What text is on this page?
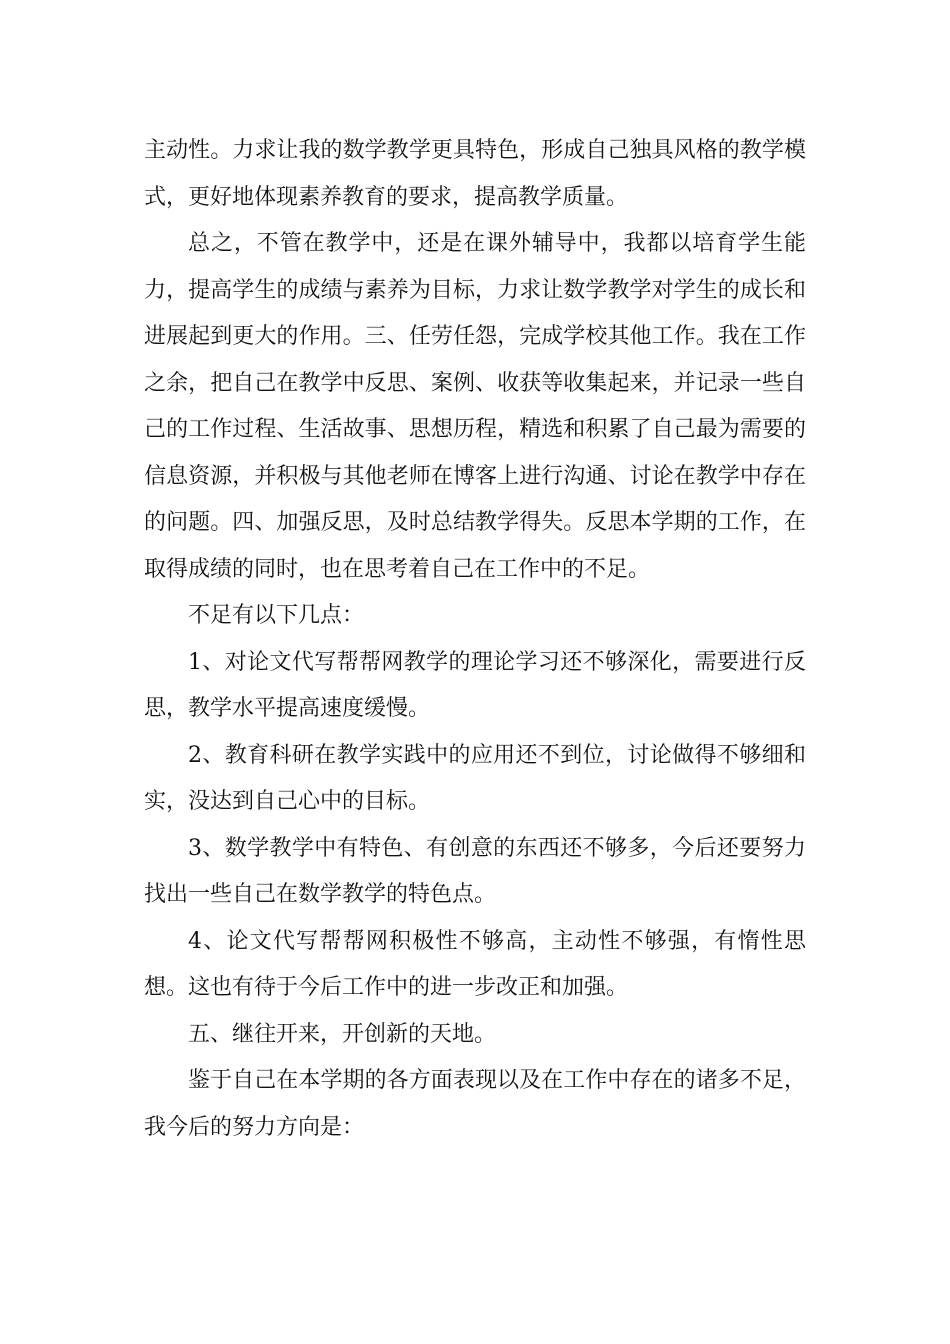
主动性。力求让我的数学教学更具特色，形成自己独具风格的教学模式，更好地体现素养教育的要求，提高教学质量。

总之，不管在教学中，还是在课外辅导中，我都以培育学生能力，提高学生的成绩与素养为目标，力求让数学教学对学生的成长和进展起到更大的作用。三、任劳任怨，完成学校其他工作。我在工作之余，把自己在教学中反思、案例、收获等收集起来，并记录一些自己的工作过程、生活故事、思想历程，精选和积累了自己最为需要的信息资源，并积极与其他老师在博客上进行沟通、讨论在教学中存在的问题。四、加强反思，及时总结教学得失。反思本学期的工作，在取得成绩的同时，也在思考着自己在工作中的不足。

不足有以下几点：

1、对论文代写帮帮网教学的理论学习还不够深化，需要进行反思，教学水平提高速度缓慢。

2、教育科研在教学实践中的应用还不到位，讨论做得不够细和实，没达到自己心中的目标。

3、数学教学中有特色、有创意的东西还不够多，今后还要努力找出一些自己在数学教学的特色点。

4、论文代写帮帮网积极性不够高，主动性不够强，有惰性思想。这也有待于今后工作中的进一步改正和加强。

五、继往开来，开创新的天地。

鉴于自己在本学期的各方面表现以及在工作中存在的诸多不足，我今后的努力方向是：
